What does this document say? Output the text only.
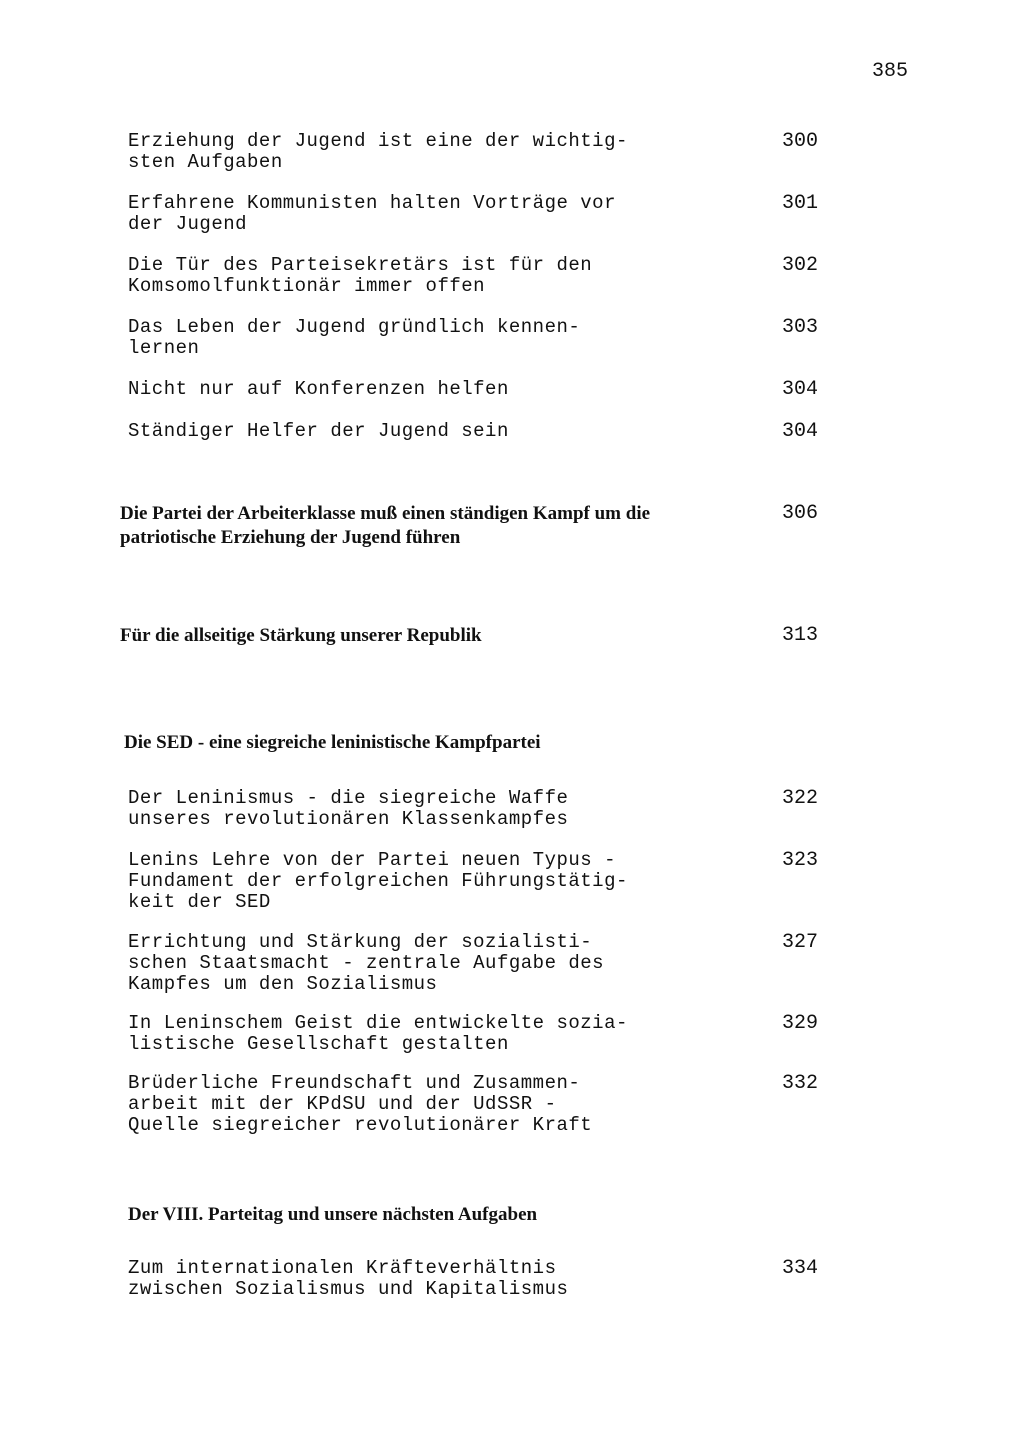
385
Erziehung der Jugend ist eine der wichtig-
sten Aufgaben
300
Erfahrene Kommunisten halten Vorträge vor
der Jugend
301
Die Tür des Parteisekretärs ist für den
Komsomolfunktionär immer offen
302
Das Leben der Jugend gründlich kennen-
lernen
303
Nicht nur auf Konferenzen helfen	304
Ständiger Helfer der Jugend sein	304
Die Partei der Arbeiterklasse muß einen ständigen Kampf um die
patriotische Erziehung der Jugend führen
306
Für die allseitige Stärkung unserer Republik	313
Die SED - eine siegreiche leninistische Kampfpartei
Der Leninismus - die siegreiche Waffe
unseres revolutionären Klassenkampfes
322
Lenins Lehre von der Partei neuen Typus -
Fundament der erfolgreichen Führungstätig-
keit der SED
323
Errichtung und Stärkung der sozialisti-
schen Staatsmacht - zentrale Aufgabe des
Kampfes um den Sozialismus
327
In Leninschem Geist die entwickelte sozia-
listische Gesellschaft gestalten
329
Brüderliche Freundschaft und Zusammen-
arbeit mit der KPdSU und der UdSSR -
Quelle siegreicher revolutionärer Kraft
332
Der VIII. Parteitag und unsere nächsten Aufgaben
Zum internationalen Kräfteverhältnis
zwischen Sozialismus und Kapitalismus
334
